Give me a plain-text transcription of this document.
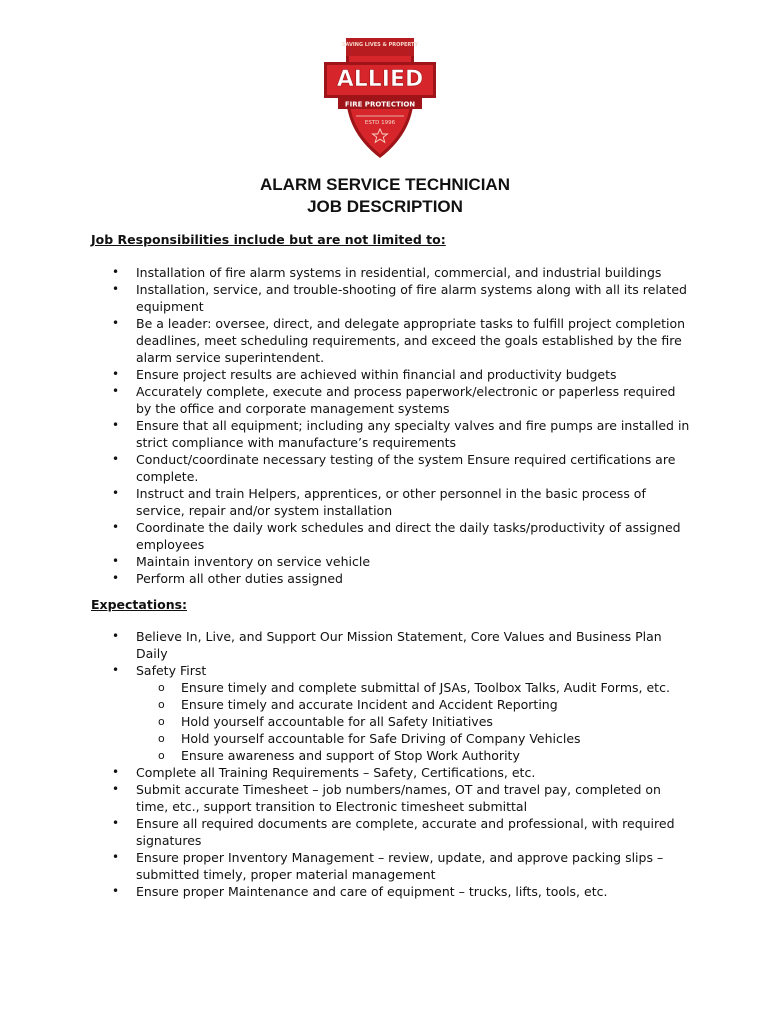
SAVING LIVES & PROPERTY
ALLIED
FIRE PROTECTION
ESTD 1996
ALARM SERVICE TECHNICIAN
JOB DESCRIPTION

Job Responsibilities include but are not limited to:

• Installation of fire alarm systems in residential, commercial, and industrial buildings
• Installation, service, and trouble-shooting of fire alarm systems along with all its related equipment
• Be a leader: oversee, direct, and delegate appropriate tasks to fulfill project completion deadlines, meet scheduling requirements, and exceed the goals established by the fire alarm service superintendent.
• Ensure project results are achieved within financial and productivity budgets
• Accurately complete, execute and process paperwork/electronic or paperless required by the office and corporate management systems
• Ensure that all equipment; including any specialty valves and fire pumps are installed in strict compliance with manufacture’s requirements
• Conduct/coordinate necessary testing of the system Ensure required certifications are complete.
• Instruct and train Helpers, apprentices, or other personnel in the basic process of service, repair and/or system installation
• Coordinate the daily work schedules and direct the daily tasks/productivity of assigned employees
• Maintain inventory on service vehicle
• Perform all other duties assigned

Expectations:

• Believe In, Live, and Support Our Mission Statement, Core Values and Business Plan Daily
• Safety First
o Ensure timely and complete submittal of JSAs, Toolbox Talks, Audit Forms, etc.
o Ensure timely and accurate Incident and Accident Reporting
o Hold yourself accountable for all Safety Initiatives
o Hold yourself accountable for Safe Driving of Company Vehicles
o Ensure awareness and support of Stop Work Authority
• Complete all Training Requirements – Safety, Certifications, etc.
• Submit accurate Timesheet – job numbers/names, OT and travel pay, completed on time, etc., support transition to Electronic timesheet submittal
• Ensure all required documents are complete, accurate and professional, with required signatures
• Ensure proper Inventory Management – review, update, and approve packing slips – submitted timely, proper material management
• Ensure proper Maintenance and care of equipment – trucks, lifts, tools, etc.
